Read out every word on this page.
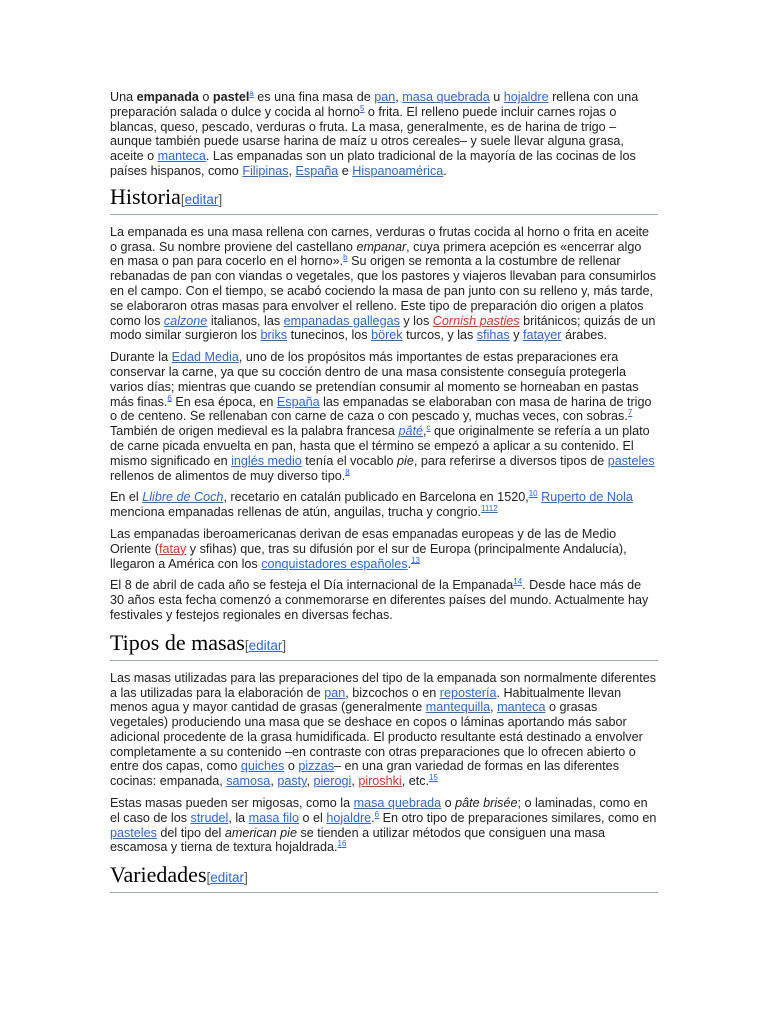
Una empanada o pastel$^a$ es una fina masa de pan, masa quebrada u hojaldre rellena con una preparación salada o dulce y cocida al horno$^5$ o frita. El relleno puede incluir carnes rojas o blancas, queso, pescado, verduras o fruta. La masa, generalmente, es de harina de trigo –aunque también puede usarse harina de maíz u otros cereales– y suele llevar alguna grasa, aceite o manteca. Las empanadas son un plato tradicional de la mayoría de las cocinas de los países hispanos, como Filipinas, España e Hispanoamérica.

Historia[editar]

La empanada es una masa rellena con carnes, verduras o frutas cocida al horno o frita en aceite o grasa. Su nombre proviene del castellano empanar, cuya primera acepción es «encerrar algo en masa o pan para cocerlo en el horno».$^b$ Su origen se remonta a la costumbre de rellenar rebanadas de pan con viandas o vegetales, que los pastores y viajeros llevaban para consumirlos en el campo. Con el tiempo, se acabó cociendo la masa de pan junto con su relleno y, más tarde, se elaboraron otras masas para envolver el relleno. Este tipo de preparación dio origen a platos como los calzone italianos, las empanadas gallegas y los Cornish pasties británicos; quizás de un modo similar surgieron los briks tunecinos, los börek turcos, y las sfihas y fatayer árabes.

Durante la Edad Media, uno de los propósitos más importantes de estas preparaciones era conservar la carne, ya que su cocción dentro de una masa consistente conseguía protegerla varios días; mientras que cuando se pretendían consumir al momento se horneaban en pastas más finas.$^6$ En esa época, en España las empanadas se elaboraban con masa de harina de trigo o de centeno. Se rellenaban con carne de caza o con pescado y, muchas veces, con sobras.$^7$ También de origen medieval es la palabra francesa pâté,$^c$ que originalmente se refería a un plato de carne picada envuelta en pan, hasta que el término se empezó a aplicar a su contenido. El mismo significado en inglés medio tenía el vocablo pie, para referirse a diversos tipos de pasteles rellenos de alimentos de muy diverso tipo.$^8$

En el Llibre de Coch, recetario en catalán publicado en Barcelona en 1520,10 Ruperto de Nola menciona empanadas rellenas de atún, anguilas, trucha y congrio.$^{1112}$

Las empanadas iberoamericanas derivan de esas empanadas europeas y de las de Medio Oriente (fatay y sfihas) que, tras su difusión por el sur de Europa (principalmente Andalucía), llegaron a América con los conquistadores españoles.$^{13}$

El 8 de abril de cada año se festeja el Día internacional de la Empanada$^{14}$. Desde hace más de 30 años esta fecha comenzó a conmemorarse en diferentes países del mundo. Actualmente hay festivales y festejos regionales en diversas fechas.

Tipos de masas[editar]

Las masas utilizadas para las preparaciones del tipo de la empanada son normalmente diferentes a las utilizadas para la elaboración de pan, bizcochos o en repostería. Habitualmente llevan menos agua y mayor cantidad de grasas (generalmente mantequilla, manteca o grasas vegetales) produciendo una masa que se deshace en copos o láminas aportando más sabor adicional procedente de la grasa humidificada. El producto resultante está destinado a envolver completamente a su contenido –en contraste con otras preparaciones que lo ofrecen abierto o entre dos capas, como quiches o pizzas– en una gran variedad de formas en las diferentes cocinas: empanada, samosa, pasty, pierogi, piroshki, etc.$^{15}$

Estas masas pueden ser migosas, como la masa quebrada o pâte brisée; o laminadas, como en el caso de los strudel, la masa filo o el hojaldre.$^6$ En otro tipo de preparaciones similares, como en pasteles del tipo del american pie se tienden a utilizar métodos que consiguen una masa escamosa y tierna de textura hojaldrada.$^{16}$

Variedades[editar]
